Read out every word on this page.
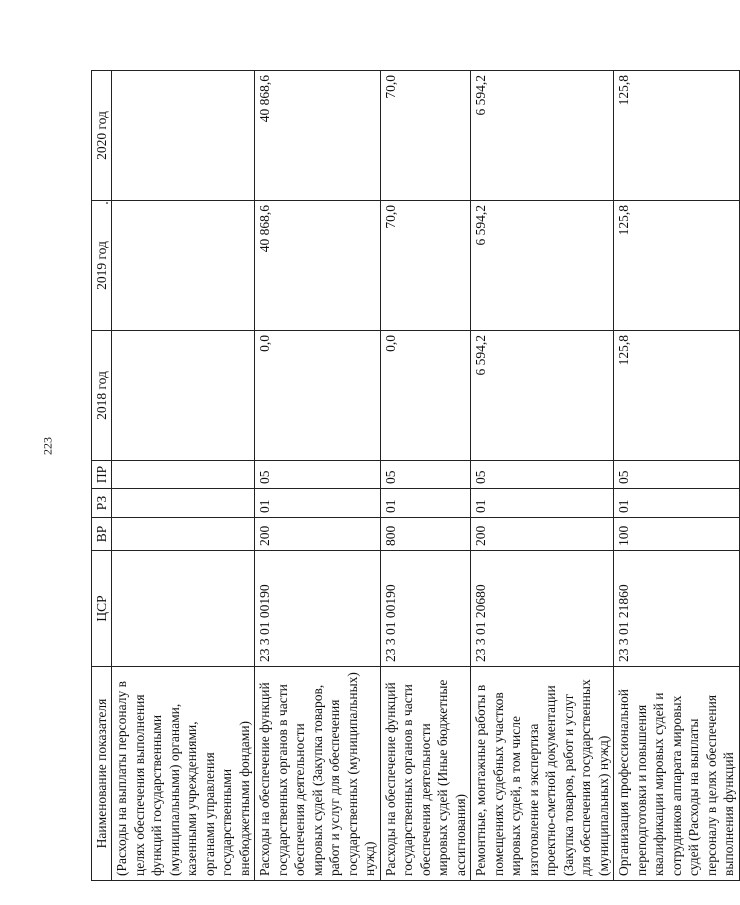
223
Наименование показателя	ЦСР	ВР	РЗ	ПР	2018 год	2019 год	2020 год
(Расходы на выплаты персоналу в целях обеспечения выполнения функций государственными (муниципальными) органами, казенными учреждениями, органами управления государственными внебюджетными фондами)							
Расходы на обеспечение функций государственных органов в части обеспечения деятельности мировых судей (Закупка товаров, работ и услуг для обеспечения государственных (муниципальных) нужд)	23 3 01 00190	200	01	05	0,0	40 868,6	40 868,6
Расходы на обеспечение функций государственных органов в части обеспечения деятельности мировых судей (Иные бюджетные ассигнования)	23 3 01 00190	800	01	05	0,0	70,0	70,0
Ремонтные, монтажные работы в помещениях судебных участков мировых судей, в том числе изготовление и экспертиза проектно-сметной документации (Закупка товаров, работ и услуг для обеспечения государственных (муниципальных) нужд)	23 3 01 20680	200	01	05	6 594,2	6 594,2	6 594,2
Организация профессиональной переподготовки и повышения квалификации мировых судей и сотрудников аппарата мировых судей (Расходы на выплаты персоналу в целях обеспечения выполнения функций	23 3 01 21860	100	01	05	125,8	125,8	125,8
